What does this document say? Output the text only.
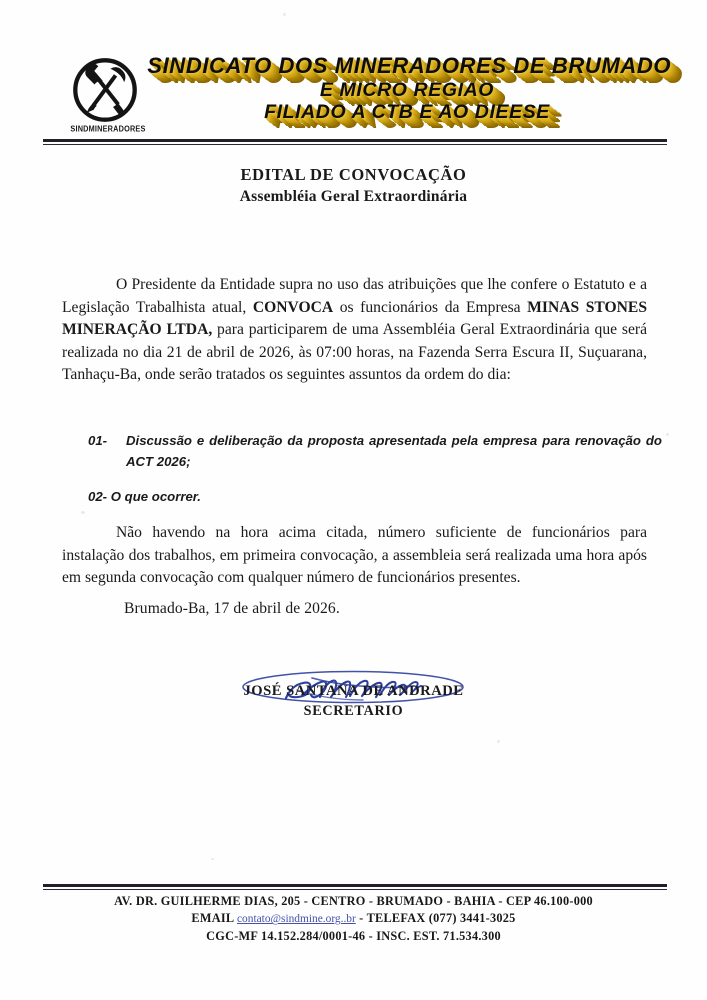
SINDMINERADORES
SINDICATO DOS MINERADORES DE BRUMADO
E MICRO REGIÃO
FILIADO A CTB E AO DIEESE
EDITAL DE CONVOCAÇÃO
Assembléia Geral Extraordinária
O Presidente da Entidade supra no uso das atribuições que lhe confere o Estatuto e a Legislação Trabalhista atual, CONVOCA os funcionários da Empresa MINAS STONES MINERAÇÃO LTDA, para participarem de uma Assembléia Geral Extraordinária que será realizada no dia 21 de abril de 2026, às 07:00 horas, na Fazenda Serra Escura II, Suçuarana, Tanhaçu-Ba, onde serão tratados os seguintes assuntos da ordem do dia:
01-	Discussão e deliberação da proposta apresentada pela empresa para renovação do ACT 2026;
02- O que ocorrer.
Não havendo na hora acima citada, número suficiente de funcionários para instalação dos trabalhos, em primeira convocação, a assembleia será realizada uma hora após em segunda convocação com qualquer número de funcionários presentes.
Brumado-Ba, 17 de abril de 2026.
JOSÉ SANTANA DE ANDRADE
SECRETARIO
AV. DR. GUILHERME DIAS, 205 - CENTRO - BRUMADO - BAHIA - CEP 46.100-000
EMAIL contato@sindmine.org..br - TELEFAX (077) 3441-3025
CGC-MF 14.152.284/0001-46 - INSC. EST. 71.534.300
